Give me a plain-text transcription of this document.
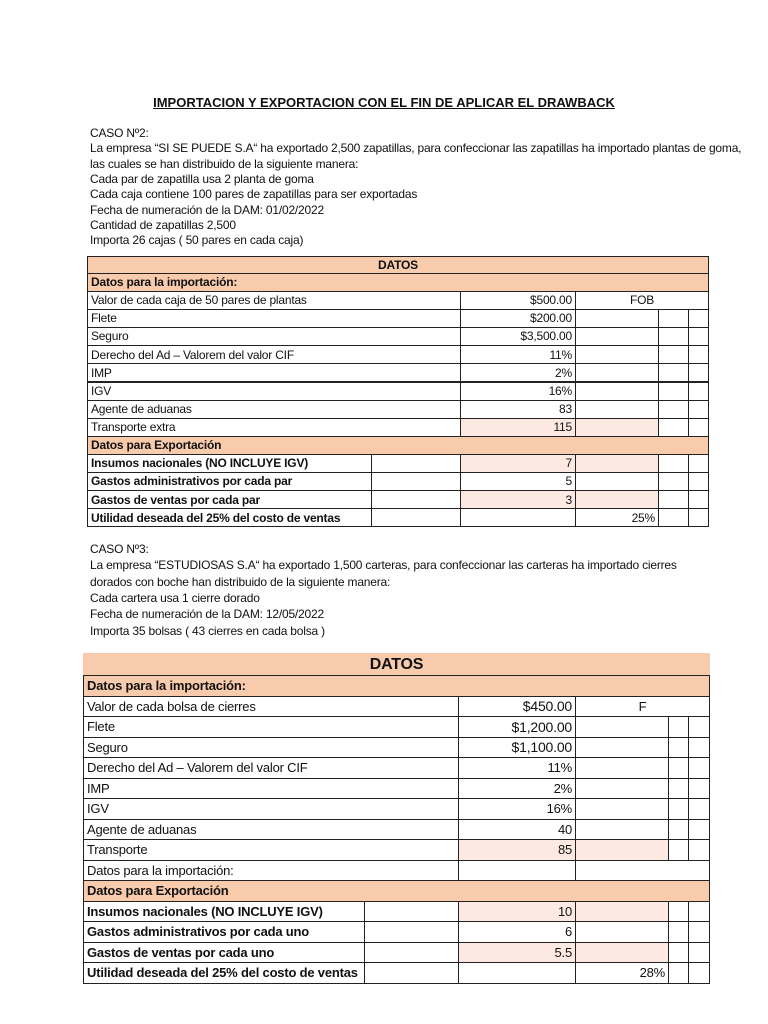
IMPORTACION Y EXPORTACION CON EL FIN DE APLICAR EL DRAWBACK
CASO Nº2:
La empresa “SI SE PUEDE S.A“ ha exportado 2,500 zapatillas, para confeccionar las zapatillas ha importado plantas de goma,
las cuales se han distribuido de la siguiente manera:
Cada par de zapatilla usa 2 planta de goma
Cada caja contiene 100 pares de zapatillas para ser exportadas
Fecha de numeración de la DAM: 01/02/2022
Cantidad de zapatillas 2,500
Importa 26 cajas ( 50 pares en cada caja)
DATOS
Datos para la importación:
Valor de cada caja de 50 pares de plantas	$500.00	FOB
Flete	$200.00
Seguro	$3,500.00
Derecho del Ad – Valorem del valor CIF	11%
IMP	2%
IGV	16%
Agente de aduanas	83
Transporte extra	115
Datos para Exportación
Insumos nacionales (NO INCLUYE IGV)	7
Gastos administrativos por cada par	5
Gastos de ventas por cada par	3
Utilidad deseada del 25% del costo de ventas	25%
CASO Nº3:
La empresa “ESTUDIOSAS S.A“ ha exportado 1,500 carteras, para confeccionar las carteras ha importado cierres
dorados con boche han distribuido de la siguiente manera:
Cada cartera usa 1 cierre dorado
Fecha de numeración de la DAM: 12/05/2022
Importa 35 bolsas ( 43 cierres en cada bolsa )
DATOS
Datos para la importación:
Valor de cada bolsa de cierres	$450.00	F
Flete	$1,200.00
Seguro	$1,100.00
Derecho del Ad – Valorem del valor CIF	11%
IMP	2%
IGV	16%
Agente de aduanas	40
Transporte	85
Datos para la importación:
Datos para Exportación
Insumos nacionales (NO INCLUYE IGV)	10
Gastos administrativos por cada uno	6
Gastos de ventas por cada uno	5.5
Utilidad deseada del 25% del costo de ventas	28%
